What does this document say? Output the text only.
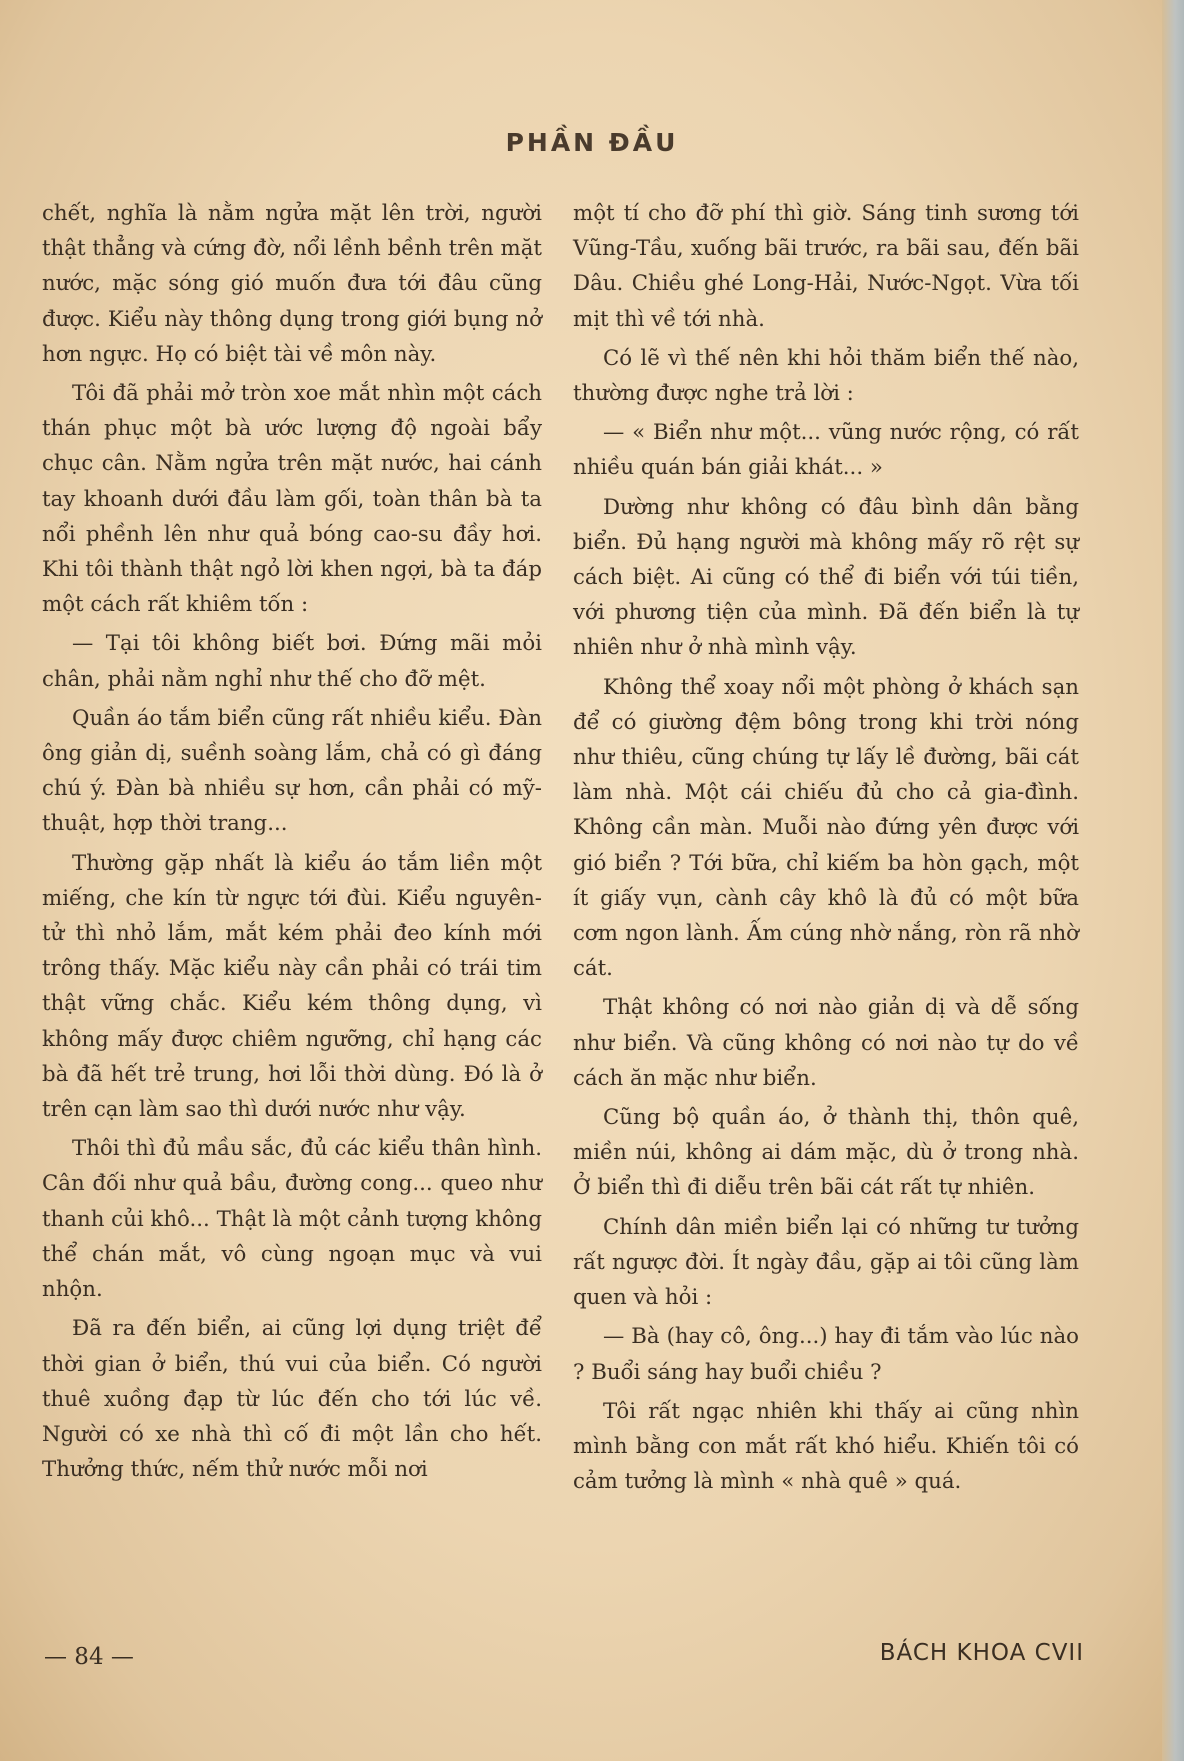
PHẦN ĐẦU

chết, nghĩa là nằm ngửa mặt lên trời, người thật thẳng và cứng đờ, nổi lềnh bềnh trên mặt nước, mặc sóng gió muốn đưa tới đâu cũng được. Kiểu này thông dụng trong giới bụng nở hơn ngực. Họ có biệt tài về môn này.

Tôi đã phải mở tròn xoe mắt nhìn một cách thán phục một bà ước lượng độ ngoài bẩy chục cân. Nằm ngửa trên mặt nước, hai cánh tay khoanh dưới đầu làm gối, toàn thân bà ta nổi phềnh lên như quả bóng cao-su đầy hơi. Khi tôi thành thật ngỏ lời khen ngợi, bà ta đáp một cách rất khiêm tốn :

— Tại tôi không biết bơi. Đứng mãi mỏi chân, phải nằm nghỉ như thế cho đỡ mệt.

Quần áo tắm biển cũng rất nhiều kiểu. Đàn ông giản dị, suềnh soàng lắm, chả có gì đáng chú ý. Đàn bà nhiều sự hơn, cần phải có mỹ-thuật, hợp thời trang...

Thường gặp nhất là kiểu áo tắm liền một miếng, che kín từ ngực tới đùi. Kiểu nguyên-tử thì nhỏ lắm, mắt kém phải đeo kính mới trông thấy. Mặc kiểu này cần phải có trái tim thật vững chắc. Kiểu kém thông dụng, vì không mấy được chiêm ngưỡng, chỉ hạng các bà đã hết trẻ trung, hơi lỗi thời dùng. Đó là ở trên cạn làm sao thì dưới nước như vậy.

Thôi thì đủ mầu sắc, đủ các kiểu thân hình. Cân đối như quả bầu, đường cong... queo như thanh củi khô... Thật là một cảnh tượng không thể chán mắt, vô cùng ngoạn mục và vui nhộn.

Đã ra đến biển, ai cũng lợi dụng triệt để thời gian ở biển, thú vui của biển. Có người thuê xuồng đạp từ lúc đến cho tới lúc về. Người có xe nhà thì cố đi một lần cho hết. Thưởng thức, nếm thử nước mỗi nơi

một tí cho đỡ phí thì giờ. Sáng tinh sương tới Vũng-Tầu, xuống bãi trước, ra bãi sau, đến bãi Dâu. Chiều ghé Long-Hải, Nước-Ngọt. Vừa tối mịt thì về tới nhà.

Có lẽ vì thế nên khi hỏi thăm biển thế nào, thường được nghe trả lời :

— « Biển như một... vũng nước rộng, có rất nhiều quán bán giải khát... »

Dường như không có đâu bình dân bằng biển. Đủ hạng người mà không mấy rõ rệt sự cách biệt. Ai cũng có thể đi biển với túi tiền, với phương tiện của mình. Đã đến biển là tự nhiên như ở nhà mình vậy.

Không thể xoay nổi một phòng ở khách sạn để có giường đệm bông trong khi trời nóng như thiêu, cũng chúng tự lấy lề đường, bãi cát làm nhà. Một cái chiếu đủ cho cả gia-đình. Không cần màn. Muỗi nào đứng yên được với gió biển ? Tới bữa, chỉ kiếm ba hòn gạch, một ít giấy vụn, cành cây khô là đủ có một bữa cơm ngon lành. Ấm cúng nhờ nắng, ròn rã nhờ cát.

Thật không có nơi nào giản dị và dễ sống như biển. Và cũng không có nơi nào tự do về cách ăn mặc như biển.

Cũng bộ quần áo, ở thành thị, thôn quê, miền núi, không ai dám mặc, dù ở trong nhà. Ở biển thì đi diễu trên bãi cát rất tự nhiên.

Chính dân miền biển lại có những tư tưởng rất ngược đời. Ít ngày đầu, gặp ai tôi cũng làm quen và hỏi :

— Bà (hay cô, ông...) hay đi tắm vào lúc nào ? Buổi sáng hay buổi chiều ?

Tôi rất ngạc nhiên khi thấy ai cũng nhìn mình bằng con mắt rất khó hiểu. Khiến tôi có cảm tưởng là mình « nhà quê » quá.

— 84 —	BÁCH KHOA CVII
